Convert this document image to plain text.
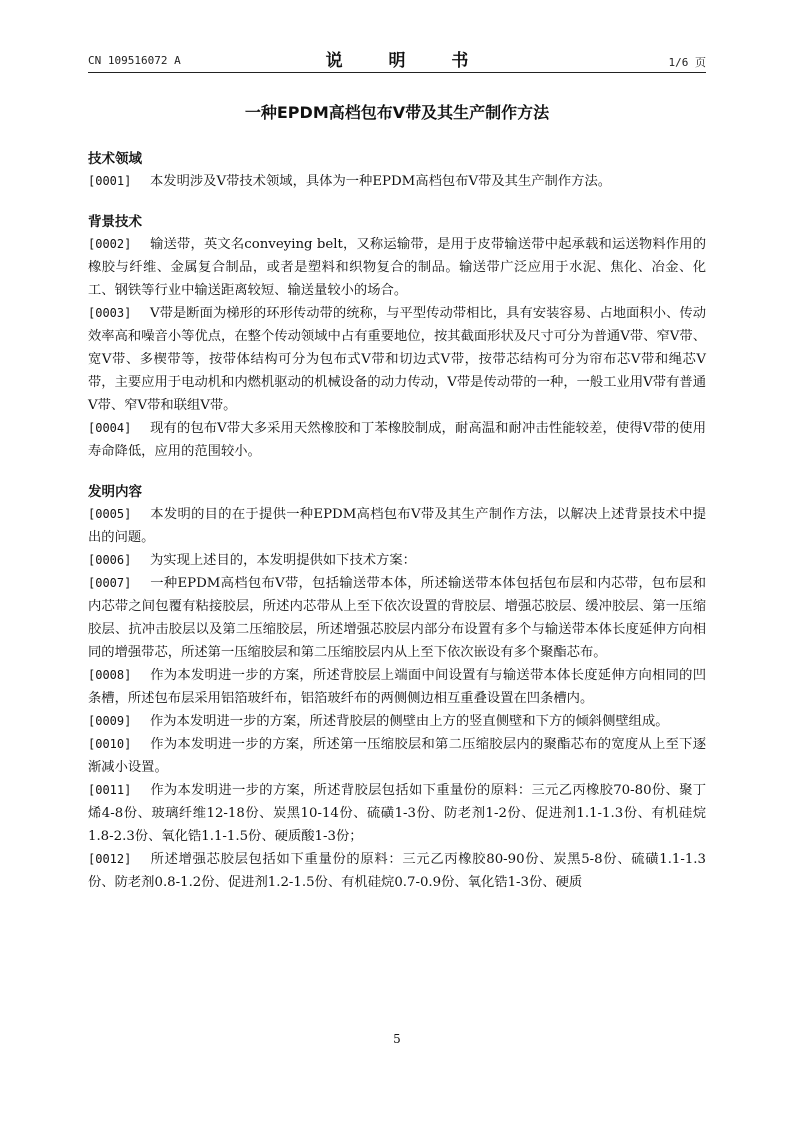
CN 109516072 A	说 明 书	1/6 页
一种EPDM高档包布V带及其生产制作方法
技术领域

[0001] 本发明涉及V带技术领域，具体为一种EPDM高档包布V带及其生产制作方法。

背景技术

[0002] 输送带，英文名conveying belt，又称运输带，是用于皮带输送带中起承载和运送物料作用的橡胶与纤维、金属复合制品，或者是塑料和织物复合的制品。输送带广泛应用于水泥、焦化、冶金、化工、钢铁等行业中输送距离较短、输送量较小的场合。

[0003] V带是断面为梯形的环形传动带的统称，与平型传动带相比，具有安装容易、占地面积小、传动效率高和噪音小等优点，在整个传动领域中占有重要地位，按其截面形状及尺寸可分为普通V带、窄V带、宽V带、多楔带等，按带体结构可分为包布式V带和切边式V带，按带芯结构可分为帘布芯V带和绳芯V带，主要应用于电动机和内燃机驱动的机械设备的动力传动，V带是传动带的一种，一般工业用V带有普通V带、窄V带和联组V带。

[0004] 现有的包布V带大多采用天然橡胶和丁苯橡胶制成，耐高温和耐冲击性能较差，使得V带的使用寿命降低，应用的范围较小。

发明内容

[0005] 本发明的目的在于提供一种EPDM高档包布V带及其生产制作方法，以解决上述背景技术中提出的问题。

[0006] 为实现上述目的，本发明提供如下技术方案：

[0007] 一种EPDM高档包布V带，包括输送带本体，所述输送带本体包括包布层和内芯带，包布层和内芯带之间包覆有粘接胶层，所述内芯带从上至下依次设置的背胶层、增强芯胶层、缓冲胶层、第一压缩胶层、抗冲击胶层以及第二压缩胶层，所述增强芯胶层内部分布设置有多个与输送带本体长度延伸方向相同的增强带芯，所述第一压缩胶层和第二压缩胶层内从上至下依次嵌设有多个聚酯芯布。

[0008] 作为本发明进一步的方案，所述背胶层上端面中间设置有与输送带本体长度延伸方向相同的凹条槽，所述包布层采用铝箔玻纤布，铝箔玻纤布的两侧侧边相互重叠设置在凹条槽内。

[0009] 作为本发明进一步的方案，所述背胶层的侧壁由上方的竖直侧壁和下方的倾斜侧壁组成。

[0010] 作为本发明进一步的方案，所述第一压缩胶层和第二压缩胶层内的聚酯芯布的宽度从上至下逐渐减小设置。

[0011] 作为本发明进一步的方案，所述背胶层包括如下重量份的原料：三元乙丙橡胶70-80份、聚丁烯4-8份、玻璃纤维12-18份、炭黑10-14份、硫磺1-3份、防老剂1-2份、促进剂1.1-1.3份、有机硅烷1.8-2.3份、氧化锆1.1-1.5份、硬质酸1-3份；

[0012] 所述增强芯胶层包括如下重量份的原料：三元乙丙橡胶80-90份、炭黑5-8份、硫磺1.1-1.3份、防老剂0.8-1.2份、促进剂1.2-1.5份、有机硅烷0.7-0.9份、氧化锆1-3份、硬质

5
